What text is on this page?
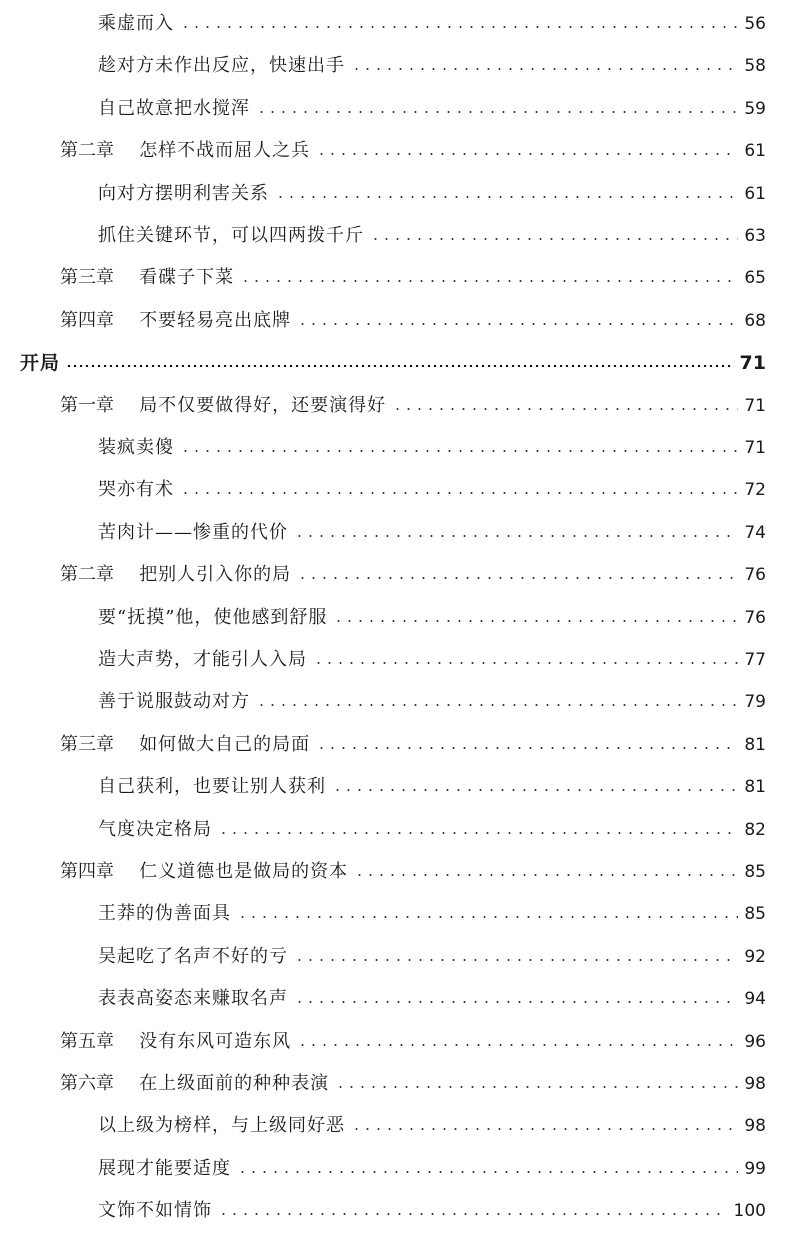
乘虚而入	56
趁对方未作出反应，快速出手	58
自己故意把水搅浑	59
第二章 怎样不战而屈人之兵	61
向对方摆明利害关系	61
抓住关键环节，可以四两拨千斤	63
第三章 看碟子下菜	65
第四章 不要轻易亮出底牌	68
开局	71
第一章 局不仅要做得好，还要演得好	71
装疯卖傻	71
哭亦有术	72
苦肉计——惨重的代价	74
第二章 把别人引入你的局	76
要“抚摸”他，使他感到舒服	76
造大声势，才能引人入局	77
善于说服鼓动对方	79
第三章 如何做大自己的局面	81
自己获利，也要让别人获利	81
气度决定格局	82
第四章 仁义道德也是做局的资本	85
王莽的伪善面具	85
吴起吃了名声不好的亏	92
表表高姿态来赚取名声	94
第五章 没有东风可造东风	96
第六章 在上级面前的种种表演	98
以上级为榜样，与上级同好恶	98
展现才能要适度	99
文饰不如情饰	100
